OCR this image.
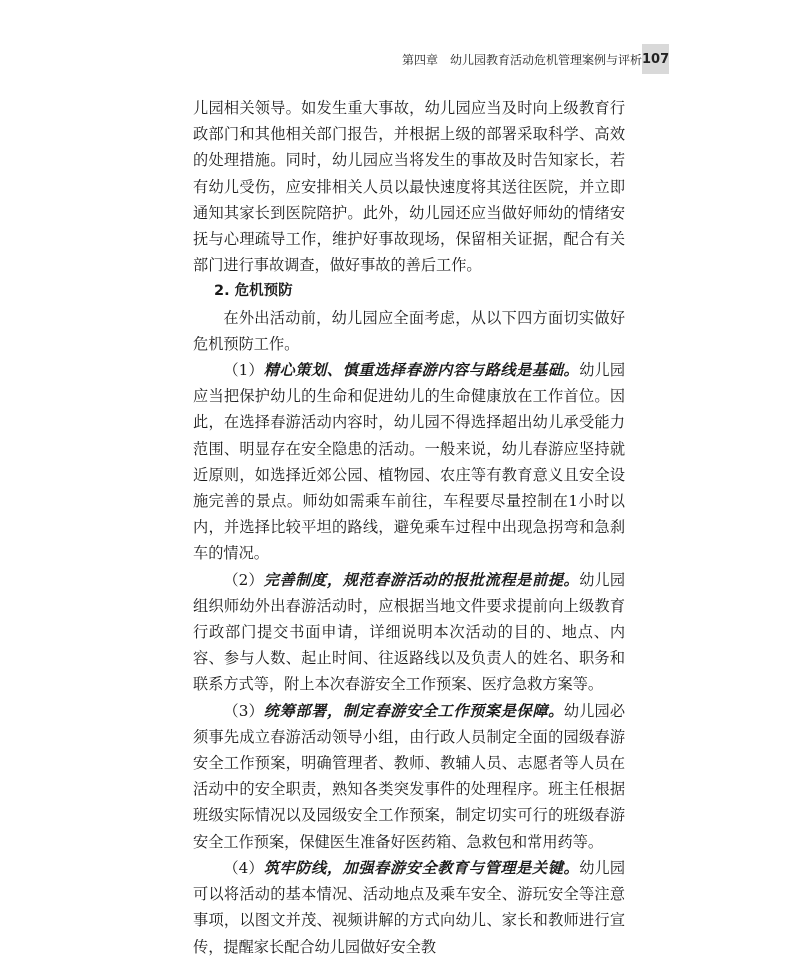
第四章　幼儿园教育活动危机管理案例与评析 107

儿园相关领导。如发生重大事故，幼儿园应当及时向上级教育行政部门和其他相关部门报告，并根据上级的部署采取科学、高效的处理措施。同时，幼儿园应当将发生的事故及时告知家长，若有幼儿受伤，应安排相关人员以最快速度将其送往医院，并立即通知其家长到医院陪护。此外，幼儿园还应当做好师幼的情绪安抚与心理疏导工作，维护好事故现场，保留相关证据，配合有关部门进行事故调查，做好事故的善后工作。

2. 危机预防

在外出活动前，幼儿园应全面考虑，从以下四方面切实做好危机预防工作。

（1）精心策划、慎重选择春游内容与路线是基础。幼儿园应当把保护幼儿的生命和促进幼儿的生命健康放在工作首位。因此，在选择春游活动内容时，幼儿园不得选择超出幼儿承受能力范围、明显存在安全隐患的活动。一般来说，幼儿春游应坚持就近原则，如选择近郊公园、植物园、农庄等有教育意义且安全设施完善的景点。师幼如需乘车前往，车程要尽量控制在1小时以内，并选择比较平坦的路线，避免乘车过程中出现急拐弯和急刹车的情况。

（2）完善制度，规范春游活动的报批流程是前提。幼儿园组织师幼外出春游活动时，应根据当地文件要求提前向上级教育行政部门提交书面申请，详细说明本次活动的目的、地点、内容、参与人数、起止时间、往返路线以及负责人的姓名、职务和联系方式等，附上本次春游安全工作预案、医疗急救方案等。

（3）统筹部署，制定春游安全工作预案是保障。幼儿园必须事先成立春游活动领导小组，由行政人员制定全面的园级春游安全工作预案，明确管理者、教师、教辅人员、志愿者等人员在活动中的安全职责，熟知各类突发事件的处理程序。班主任根据班级实际情况以及园级安全工作预案，制定切实可行的班级春游安全工作预案，保健医生准备好医药箱、急救包和常用药等。

（4）筑牢防线，加强春游安全教育与管理是关键。幼儿园可以将活动的基本情况、活动地点及乘车安全、游玩安全等注意事项，以图文并茂、视频讲解的方式向幼儿、家长和教师进行宣传，提醒家长配合幼儿园做好安全教
